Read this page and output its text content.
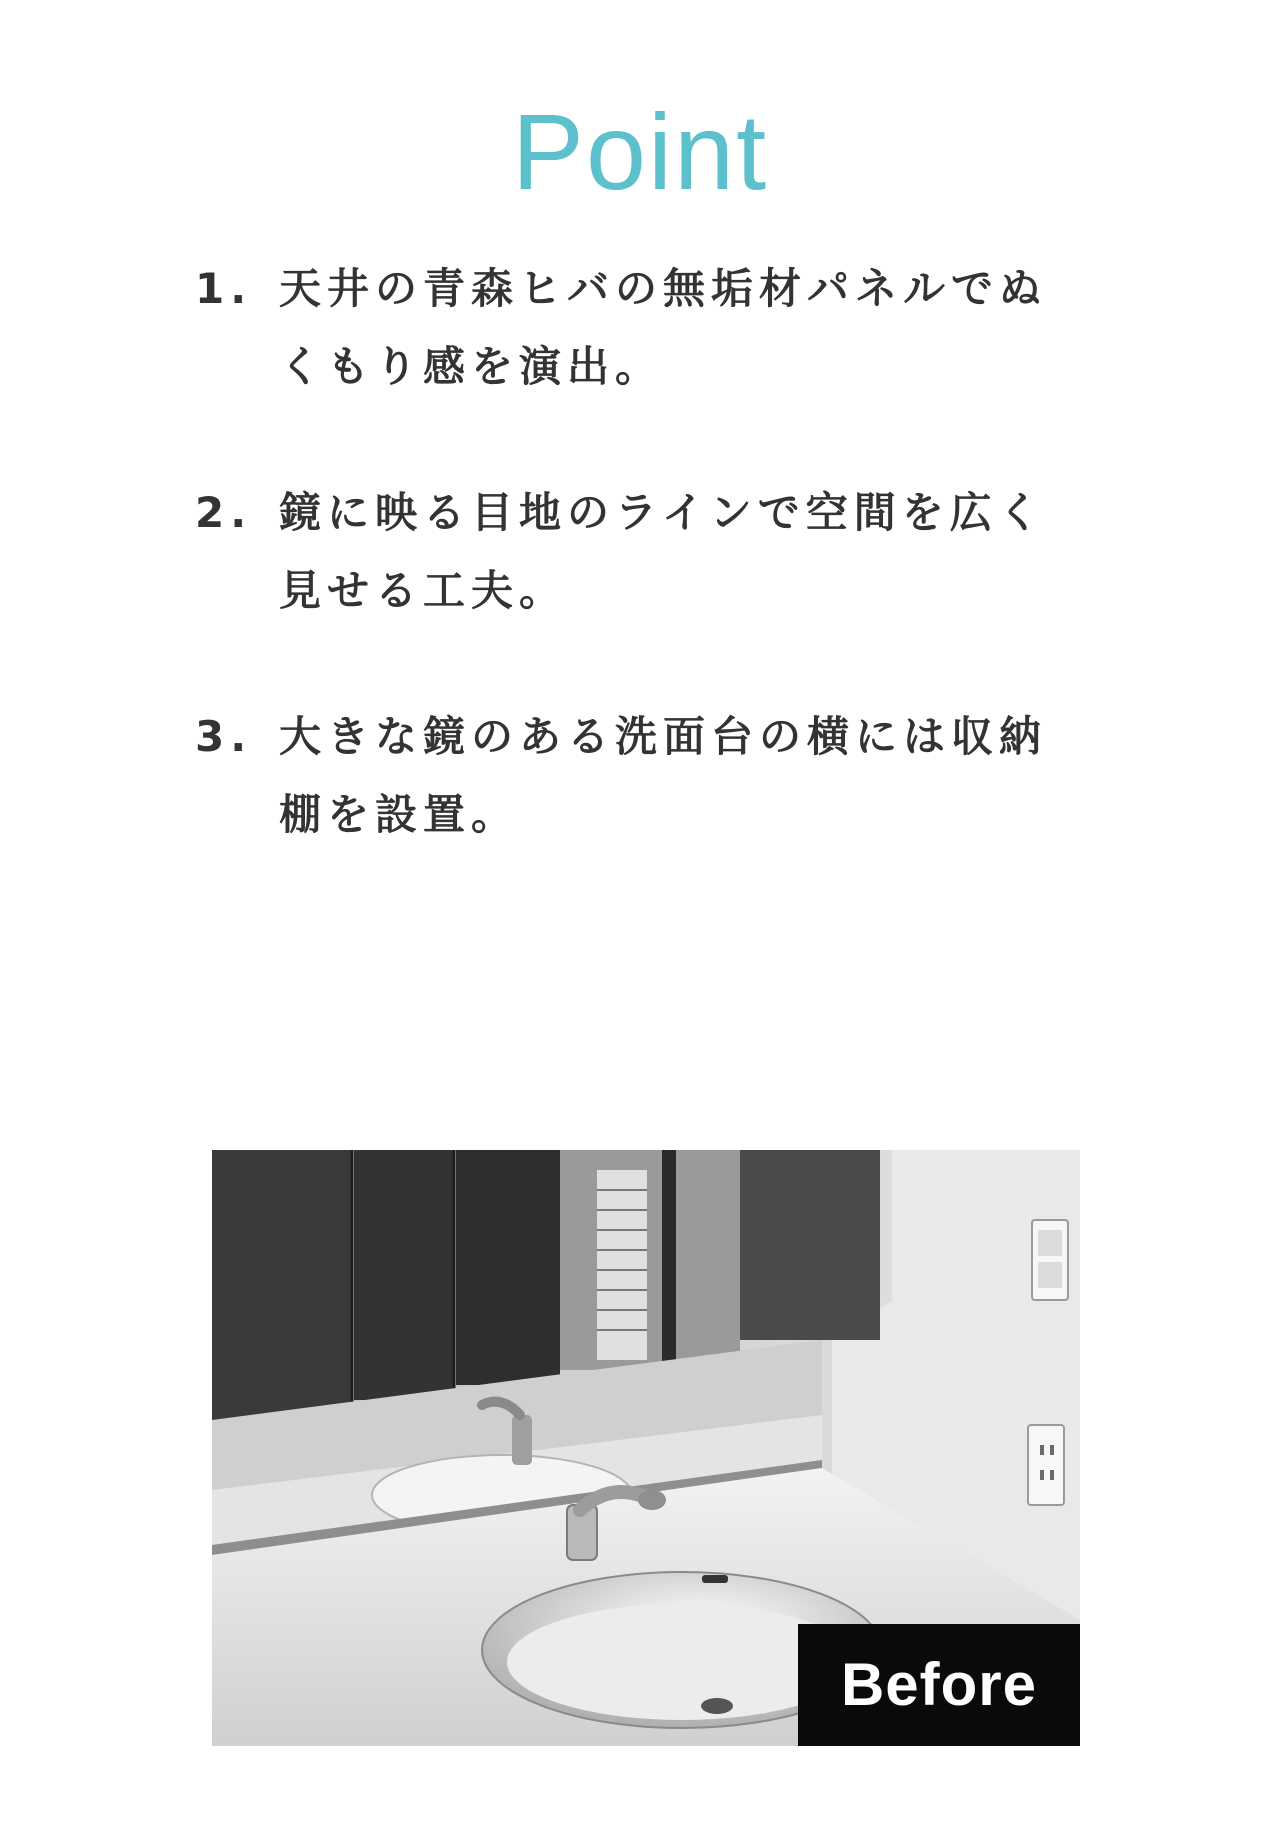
Point
1. 天井の青森ヒバの無垢材パネルでぬくもり感を演出。
2. 鏡に映る目地のラインで空間を広く見せる工夫。
3. 大きな鏡のある洗面台の横には収納棚を設置。
Before
